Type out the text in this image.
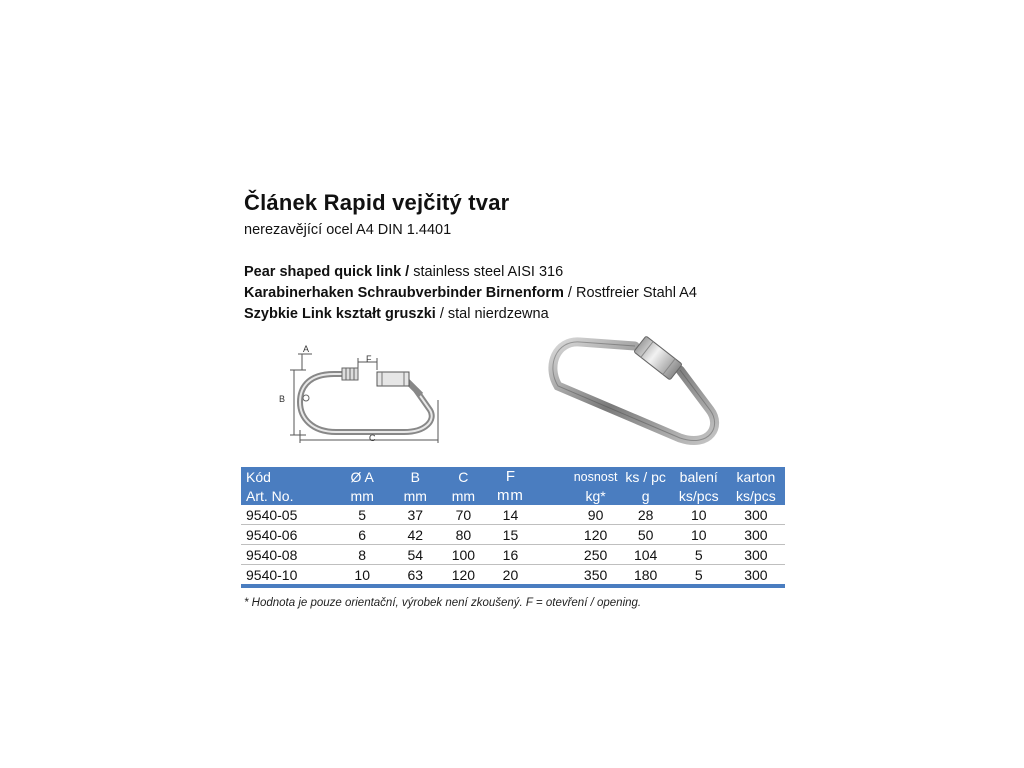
Článek Rapid vejčitý tvar
nerezavějící ocel A4 DIN 1.4401
Pear shaped quick link / stainless steel AISI 316
Karabinerhaken Schraubverbinder Birnenform / Rostfreier Stahl A4
Szybkie Link kształt gruszki / stal nierdzewna
A
B
C
F
Kód	Ø A	B	C	F		nosnost	ks / pc	balení	karton
Art. No.	mm	mm	mm	mm		kg*	g	ks/pcs	ks/pcs
9540-05	5	37	70	14		90	28	10	300
9540-06	6	42	80	15		120	50	10	300
9540-08	8	54	100	16		250	104	5	300
9540-10	10	63	120	20		350	180	5	300
* Hodnota je pouze orientační, výrobek není zkoušený. F = otevření / opening.
